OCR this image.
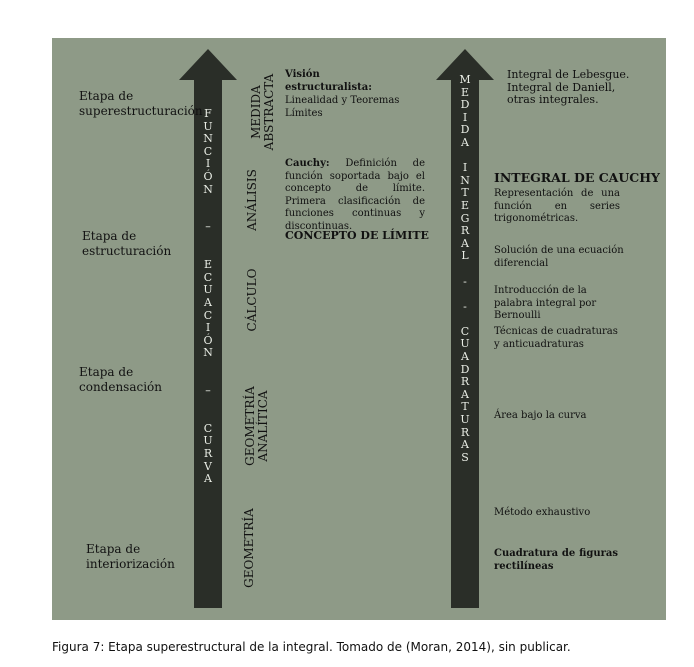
F
U
N
C
I
Ó
N

–

E
C
U
A
C
I
Ó
N

–

C
U
R
V
A
M
E
D
I
D
A

I
N
T
E
G
R
A
L

-

-

C
U
A
D
R
A
T
U
R
A
S
Etapa de
superestructuración
Etapa de
estructuración
Etapa de
condensación
Etapa de
interiorización
MEDIDA
ABSTRACTA
ANÁLISIS
CÁLCULO
GEOMETRÍA
ANALÍTICA
GEOMETRÍA
Visión
estructuralista:
Linealidad y Teoremas
Límites
Cauchy: Definición de función soportada bajo el concepto de límite. Primera clasificación de funciones continuas y discontinuas.
CONCEPTO DE LÍMITE
Integral de Lebesgue.
Integral de Daniell,
otras integrales.
INTEGRAL DE CAUCHY
Representación de una función en series trigonométricas.
Solución de una ecuación diferencial
Introducción de la palabra integral por Bernoulli
Técnicas de cuadraturas y anticuadraturas
Área bajo la curva
Método exhaustivo
Cuadratura de figuras rectilíneas
Figura 7: Etapa superestructural de la integral. Tomado de (Moran, 2014), sin publicar.
